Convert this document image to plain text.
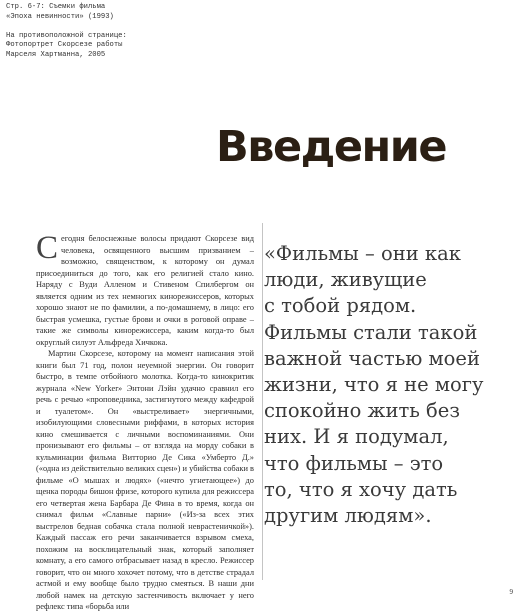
Стр. 6-7: Съемки фильма
«Эпоха невинности» (1993)
На противоположной странице:
Фотопортрет Скорсезе работы
Марселя Хартманна, 2005
Введение

Сегодня белоснежные волосы придают Скорсезе вид человека, освященного высшим призванием – возможно, священством, к которому он думал присоединиться до того, как его религией стало кино. Наряду с Вуди Алленом и Стивеном Спилбергом он является одним из тех немногих кинорежиссеров, которых хорошо знают не по фамилии, а по-домашнему, в лицо: его быстрая усмешка, густые брови и очки в роговой оправе – такие же символы кинорежиссера, каким когда-то был округлый силуэт Альфреда Хичкока.

Мартин Скорсезе, которому на момент написания этой книги был 71 год, полон неуемной энергии. Он говорит быстро, в темпе отбойного молотка. Когда-то кинокритик журнала «New Yorker» Энтони Лэйн удачно сравнил его речь с речью «проповедника, застигнутого между кафедрой и туалетом». Он «выстреливает» энергичными, изобилующими словесными риффами, в которых история кино смешивается с личными воспоминаниями. Они пронизывают его фильмы – от взгляда на морду собаки в кульминации фильма Витторио Де Сика «Умберто Д.» («одна из действительно великих сцен») и убийства собаки в фильме «О мышах и людях» («нечто угнетающее») до щенка породы бишон фризе, которого купила для режиссера его четвертая жена Барбара Де Фина в то время, когда он снимал фильм «Славные парни» («Из-за всех этих выстрелов бедная собачка стала полной неврастеничкой»). Каждый пассаж его речи заканчивается взрывом смеха, похожим на восклицательный знак, который заполняет комнату, а его самого отбрасывает назад в кресло. Режиссер говорит, что он много хохочет потому, что в детстве страдал астмой и ему вообще было трудно смеяться. В наши дни любой намек на детскую застенчивость включает у него рефлекс типа «борьба или

«Фильмы – они как
люди, живущие
с тобой рядом.
Фильмы стали такой
важной частью моей
жизни, что я не могу
спокойно жить без
них. И я подумал,
что фильмы – это
то, что я хочу дать
другим людям».
9
